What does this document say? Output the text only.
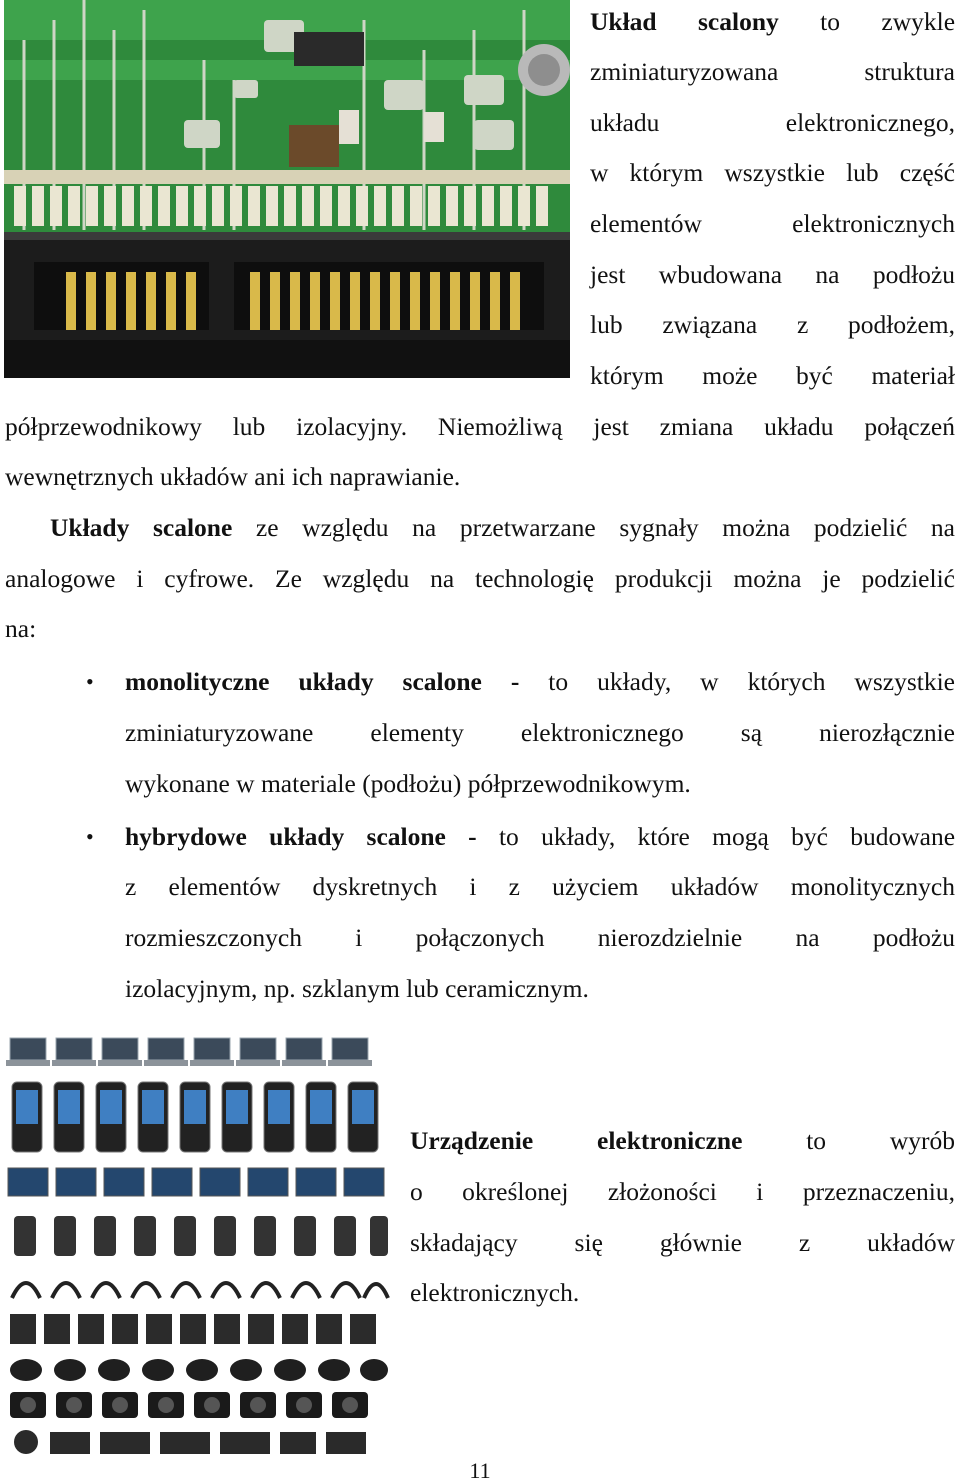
Układ scalony to zwykle
zminiaturyzowana struktura
układu elektronicznego,
w którym wszystkie lub część
elementów elektronicznych
jest wbudowana na podłożu
lub związana z podłożem,
którym może być materiał
półprzewodnikowy lub izolacyjny. Niemożliwą jest zmiana układu połączeń
wewnętrznych układów ani ich naprawianie.
Układy scalone ze względu na przetwarzane sygnały można podzielić na
analogowe i cyfrowe. Ze względu na technologię produkcji można je podzielić
na:
• monolityczne układy scalone - to układy, w których wszystkie
zminiaturyzowane elementy elektronicznego są nierozłącznie
wykonane w materiale (podłożu) półprzewodnikowym.
• hybrydowe układy scalone - to układy, które mogą być budowane
z elementów dyskretnych i z użyciem układów monolitycznych
rozmieszczonych i połączonych nierozdzielnie na podłożu
izolacyjnym, np. szklanym lub ceramicznym.
Urządzenie elektroniczne	to wyrób
o określonej złożoności i przeznaczeniu,
składający się głównie z układów
elektronicznych.
11
